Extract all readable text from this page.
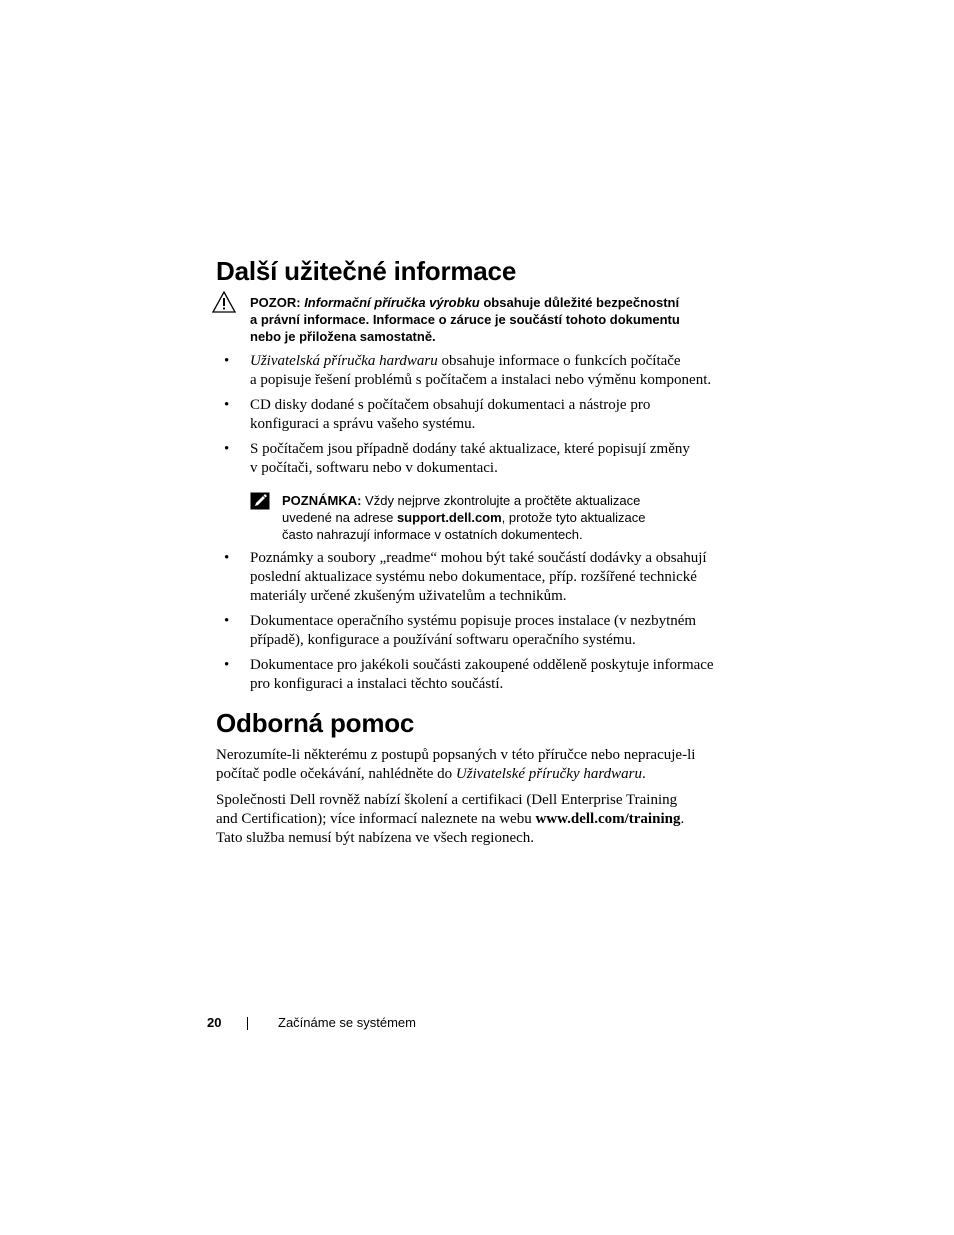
Další užitečné informace

POZOR: Informační příručka výrobku obsahuje důležité bezpečnostní
a právní informace. Informace o záruce je součástí tohoto dokumentu
nebo je přiložena samostatně.

• Uživatelská příručka hardwaru obsahuje informace o funkcích počítače
a popisuje řešení problémů s počítačem a instalaci nebo výměnu komponent.

• CD disky dodané s počítačem obsahují dokumentaci a nástroje pro
konfiguraci a správu vašeho systému.

• S počítačem jsou případně dodány také aktualizace, které popisují změny
v počítači, softwaru nebo v dokumentaci.

POZNÁMKA: Vždy nejprve zkontrolujte a pročtěte aktualizace
uvedené na adrese support.dell.com, protože tyto aktualizace
často nahrazují informace v ostatních dokumentech.

• Poznámky a soubory „readme“ mohou být také součástí dodávky a obsahují
poslední aktualizace systému nebo dokumentace, příp. rozšířené technické
materiály určené zkušeným uživatelům a technikům.

• Dokumentace operačního systému popisuje proces instalace (v nezbytném
případě), konfigurace a používání softwaru operačního systému.

• Dokumentace pro jakékoli součásti zakoupené odděleně poskytuje informace
pro konfiguraci a instalaci těchto součástí.

Odborná pomoc

Nerozumíte-li některému z postupů popsaných v této příručce nebo nepracuje-li
počítač podle očekávání, nahlédněte do Uživatelské příručky hardwaru.

Společnosti Dell rovněž nabízí školení a certifikaci (Dell Enterprise Training
and Certification); více informací naleznete na webu www.dell.com/training.
Tato služba nemusí být nabízena ve všech regionech.

20	Začínáme se systémem
